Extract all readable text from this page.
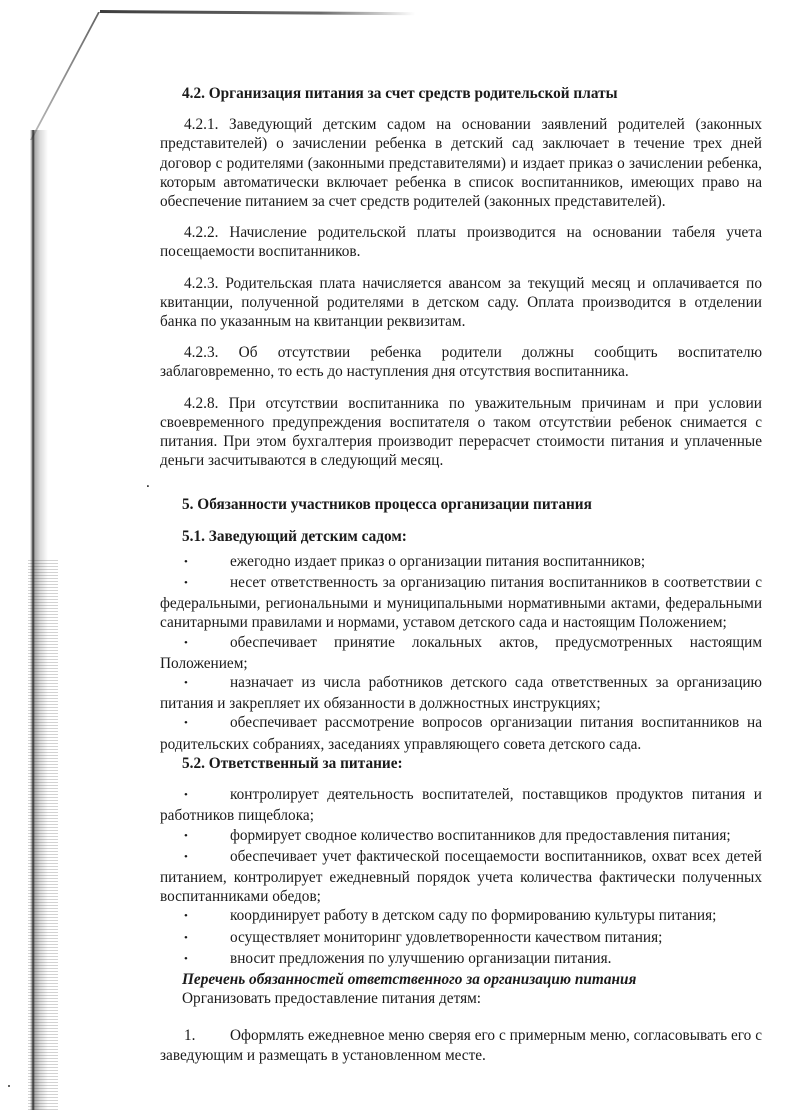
4.2. Организация питания за счет средств родительской платы

4.2.1. Заведующий детским садом на основании заявлений родителей (законных представителей) о зачислении ребенка в детский сад заключает в течение трех дней договор с родителями (законными представителями) и издает приказ о зачислении ребенка, которым автоматически включает ребенка в список воспитанников, имеющих право на обеспечение питанием за счет средств родителей (законных представителей).

4.2.2. Начисление родительской платы производится на основании табеля учета посещаемости воспитанников.

4.2.3. Родительская плата начисляется авансом за текущий месяц и оплачивается по квитанции, полученной родителями в детском саду. Оплата производится в отделении банка по указанным на квитанции реквизитам.

4.2.3. Об отсутствии ребенка родители должны сообщить воспитателю заблаговременно, то есть до наступления дня отсутствия воспитанника.

4.2.8. При отсутствии воспитанника по уважительным причинам и при условии своевременного предупреждения воспитателя о таком отсутствии ребенок снимается с питания. При этом бухгалтерия производит перерасчет стоимости питания и уплаченные деньги засчитываются в следующий месяц.

.

5. Обязанности участников процесса организации питания

5.1. Заведующий детским садом:

•ежегодно издает приказ о организации питания воспитанников;

•несет ответственность за организацию питания воспитанников в соответствии с федеральными, региональными и муниципальными нормативными актами, федеральными санитарными правилами и нормами, уставом детского сада и настоящим Положением;

•обеспечивает принятие локальных актов, предусмотренных настоящим Положением;

•назначает из числа работников детского сада ответственных за организацию питания и закрепляет их обязанности в должностных инструкциях;

•обеспечивает рассмотрение вопросов организации питания воспитанников на родительских собраниях, заседаниях управляющего совета детского сада.

5.2. Ответственный за питание:

•контролирует деятельность воспитателей, поставщиков продуктов питания и работников пищеблока;

•формирует сводное количество воспитанников для предоставления питания;

•обеспечивает учет фактической посещаемости воспитанников, охват всех детей питанием, контролирует ежедневный порядок учета количества фактически полученных воспитанниками обедов;

•координирует работу в детском саду по формированию культуры питания;

•осуществляет мониторинг удовлетворенности качеством питания;

•вносит предложения по улучшению организации питания.

Перечень обязанностей ответственного за организацию питания

Организовать предоставление питания детям:

1. Оформлять ежедневное меню сверяя его с примерным меню, согласовывать его с заведующим и размещать в установленном месте.
